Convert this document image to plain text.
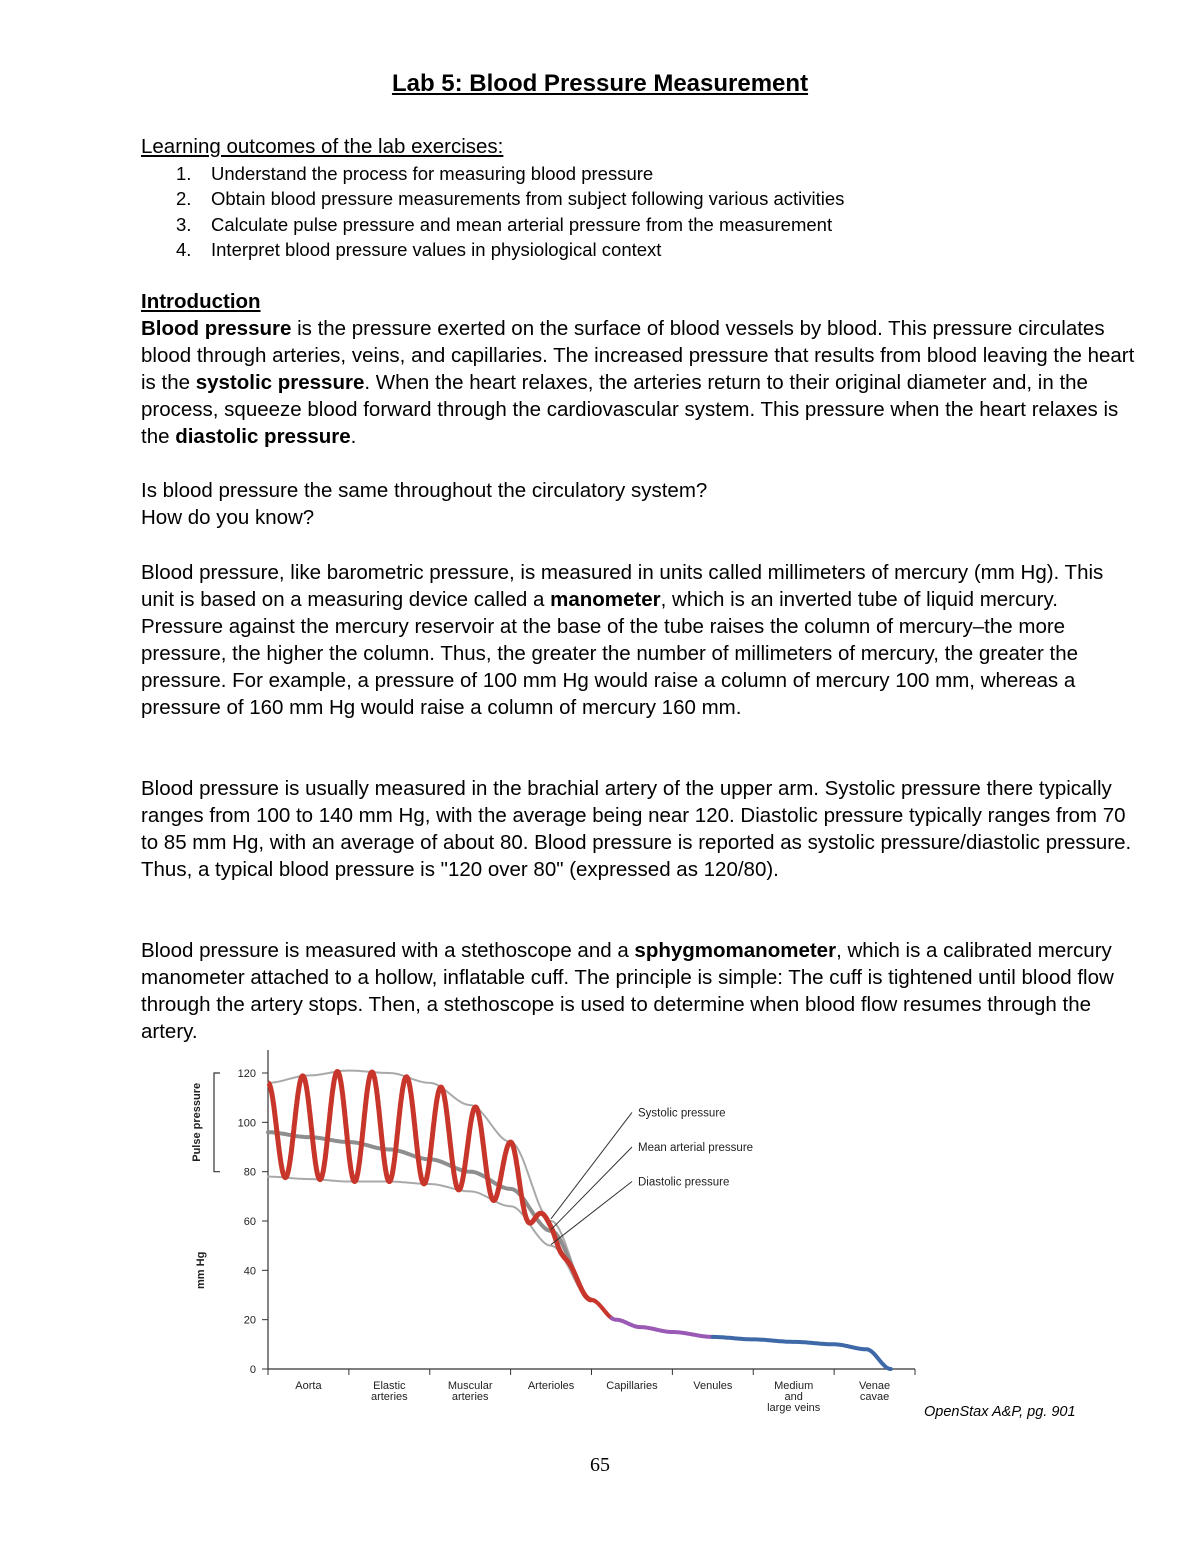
Lab 5: Blood Pressure Measurement
Learning outcomes of the lab exercises:
1. Understand the process for measuring blood pressure
2. Obtain blood pressure measurements from subject following various activities
3. Calculate pulse pressure and mean arterial pressure from the measurement
4. Interpret blood pressure values in physiological context
Introduction

Blood pressure is the pressure exerted on the surface of blood vessels by blood. This pressure circulates blood through arteries, veins, and capillaries. The increased pressure that results from blood leaving the heart is the systolic pressure. When the heart relaxes, the arteries return to their original diameter and, in the process, squeeze blood forward through the cardiovascular system. This pressure when the heart relaxes is the diastolic pressure.

Is blood pressure the same throughout the circulatory system?
How do you know?

Blood pressure, like barometric pressure, is measured in units called millimeters of mercury (mm Hg). This unit is based on a measuring device called a manometer, which is an inverted tube of liquid mercury. Pressure against the mercury reservoir at the base of the tube raises the column of mercury–the more pressure, the higher the column. Thus, the greater the number of millimeters of mercury, the greater the pressure. For example, a pressure of 100 mm Hg would raise a column of mercury 100 mm, whereas a pressure of 160 mm Hg would raise a column of mercury 160 mm.

Blood pressure is usually measured in the brachial artery of the upper arm. Systolic pressure there typically ranges from 100 to 140 mm Hg, with the average being near 120. Diastolic pressure typically ranges from 70 to 85 mm Hg, with an average of about 80. Blood pressure is reported as systolic pressure/diastolic pressure. Thus, a typical blood pressure is "120 over 80" (expressed as 120/80).

Blood pressure is measured with a stethoscope and a sphygmomanometer, which is a calibrated mercury manometer attached to a hollow, inflatable cuff. The principle is simple: The cuff is tightened until blood flow through the artery stops. Then, a stethoscope is used to determine when blood flow resumes through the artery.

0
20
40
60
80
100
120
mm Hg
Pulse pressure
Aorta	Elastic arteries
Muscular arteries
Arterioles	Capillaries	Venules	Medium and large veins
Venae cavae
Systolic pressure
Mean arterial pressure
Diastolic pressure
OpenStax A&P, pg. 901
65
